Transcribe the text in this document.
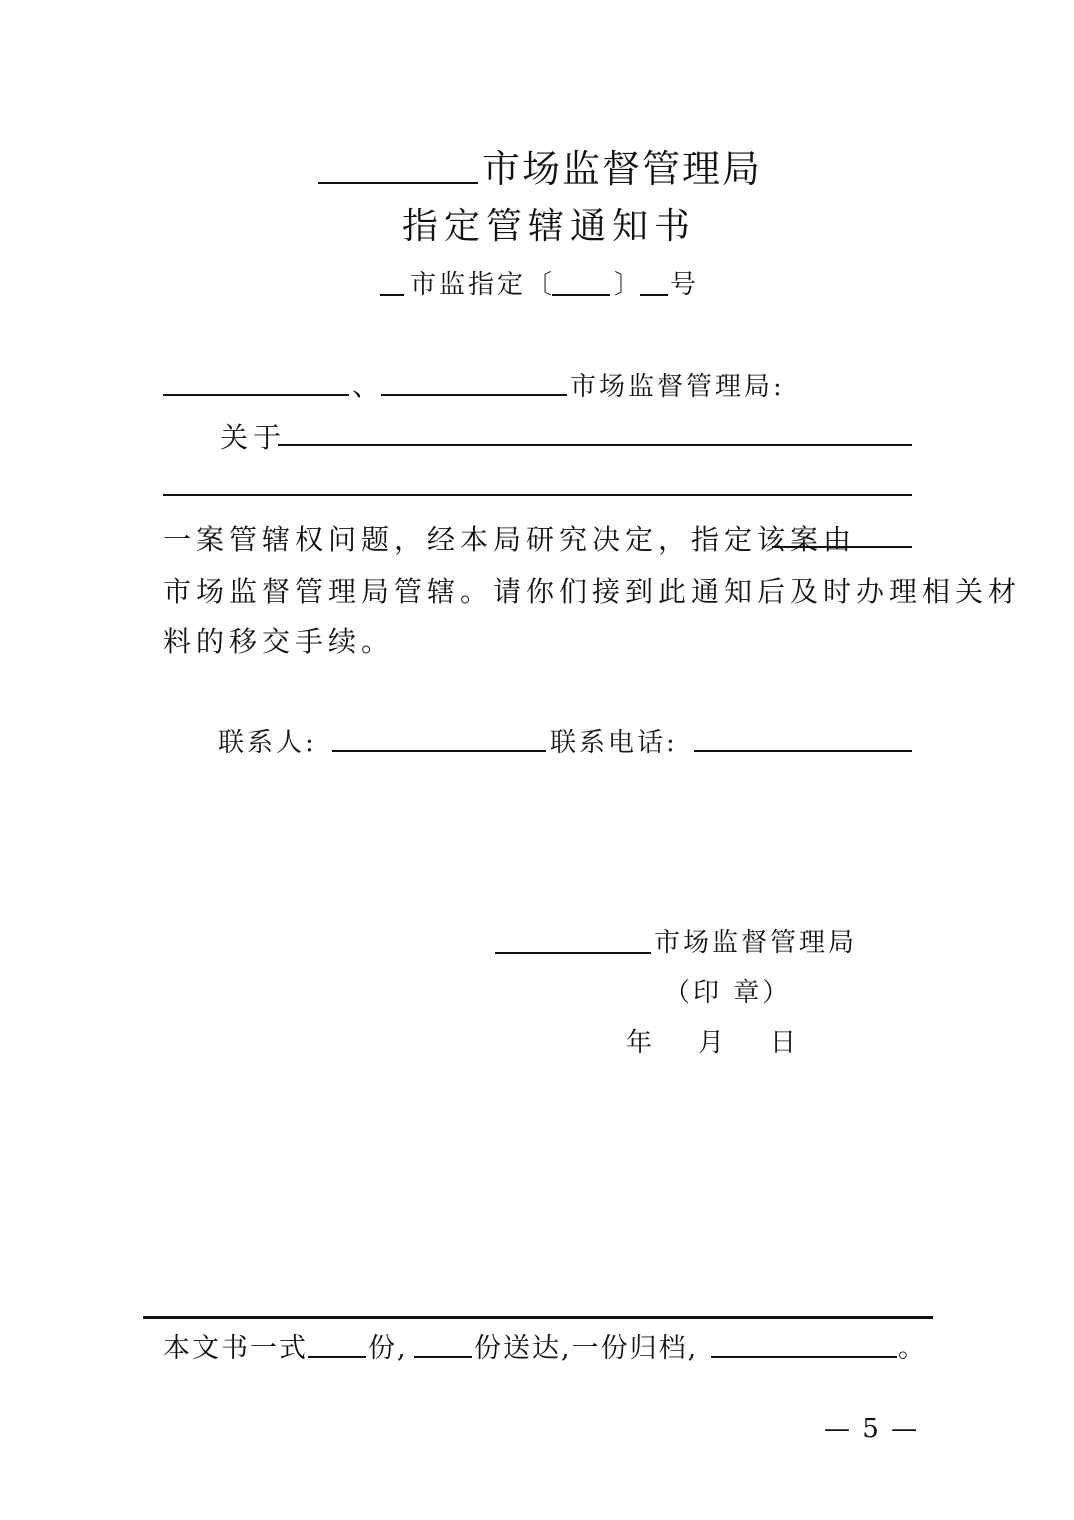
市场监督管理局
指定管辖通知书
市监指定〔 〕 号
、	市场监督管理局:
关于
一案管辖权问题，经本局研究决定，指定该案由
市场监督管理局管辖。请你们接到此通知后及时办理相关材
料的移交手续。
联系人:	联系电话:
市场监督管理局
（印 章）
年 月 日
本文书一式 份, 份送达,一份归档,	。
— 5 —
